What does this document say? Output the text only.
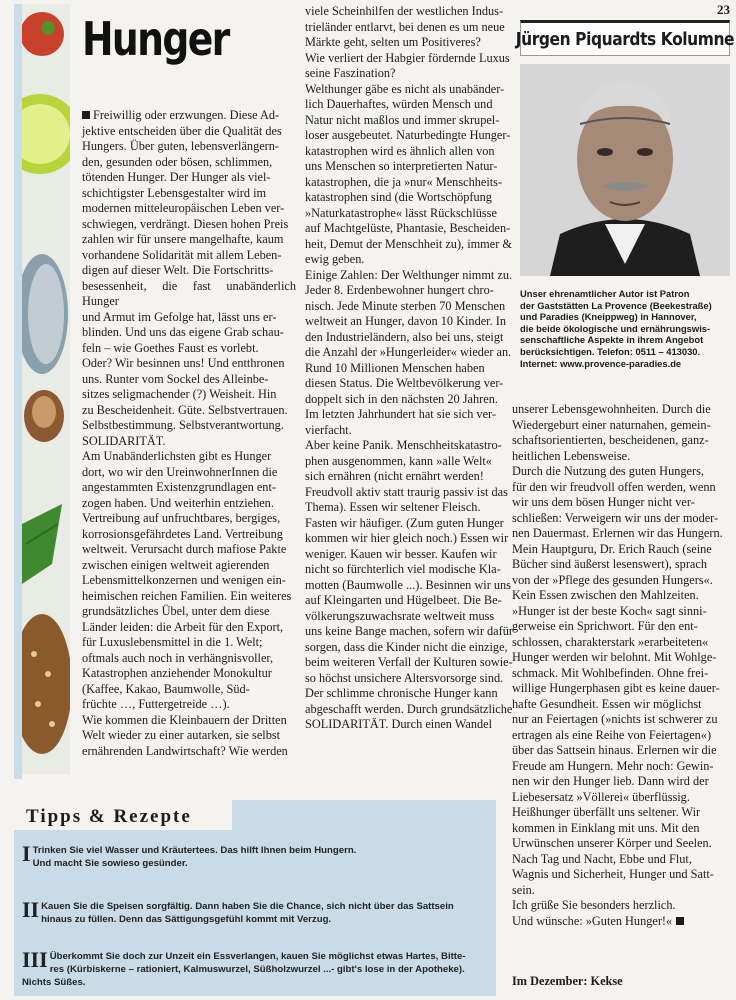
23
Hunger

Freiwillig oder erzwungen. Diese Ad-

jektive entscheiden über die Qualität des

Hungers. Über guten, lebensverlängern-

den, gesunden oder bösen, schlimmen,

tötenden Hunger. Der Hunger als viel-

schichtigster Lebensgestalter wird im

modernen mitteleuropäischen Leben ver-

schwiegen, verdrängt. Diesen hohen Preis

zahlen wir für unsere mangelhafte, kaum

vorhandene Solidarität mit allem Leben-

digen auf dieser Welt. Die Fortschritts-

besessenheit, die fast unabänderlich Hunger

und Armut im Gefolge hat, lässt uns er-

blinden. Und uns das eigene Grab schau-

feln – wie Goethes Faust es vorlebt.

Oder? Wir besinnen uns! Und entthronen

uns. Runter vom Sockel des Alleinbe-

sitzes seligmachender (?) Weisheit. Hin

zu Bescheidenheit. Güte. Selbstvertrauen.

Selbstbestimmung. Selbstverantwortung.

SOLIDARITÄT.

Am Unabänderlichsten gibt es Hunger

dort, wo wir den UreinwohnerInnen die

angestammten Existenzgrundlagen ent-

zogen haben. Und weiterhin entziehen.

Vertreibung auf unfruchtbares, bergiges,

korrosionsgefährdetes Land. Vertreibung

weltweit. Verursacht durch mafiose Pakte

zwischen einigen weltweit agierenden

Lebensmittelkonzernen und wenigen ein-

heimischen reichen Familien. Ein weiteres

grundsätzliches Übel, unter dem diese

Länder leiden: die Arbeit für den Export,

für Luxuslebensmittel in die 1. Welt;

oftmals auch noch in verhängnisvoller,

Katastrophen anziehender Monokultur

(Kaffee, Kakao, Baumwolle, Süd-

früchte …, Futtergetreide …).

Wie kommen die Kleinbauern der Dritten

Welt wieder zu einer autarken, sie selbst

ernährenden Landwirtschaft? Wie werden

viele Scheinhilfen der westlichen Indus-

trieländer entlarvt, bei denen es um neue

Märkte geht, selten um Positiveres?

Wie verliert der Habgier fördernde Luxus

seine Faszination?

Welthunger gäbe es nicht als unabänder-

lich Dauerhaftes, würden Mensch und

Natur nicht maßlos und immer skrupel-

loser ausgebeutet. Naturbedingte Hunger-

katastrophen wird es ähnlich allen von

uns Menschen so interpretierten Natur-

katastrophen, die ja »nur« Menschheits-

katastrophen sind (die Wortschöpfung

»Naturkatastrophe« lässt Rückschlüsse

auf Machtgelüste, Phantasie, Bescheiden-

heit, Demut der Menschheit zu), immer &

ewig geben.

Einige Zahlen: Der Welthunger nimmt zu.

Jeder 8. Erdenbewohner hungert chro-

nisch. Jede Minute sterben 70 Menschen

weltweit an Hunger, davon 10 Kinder. In

den Industrieländern, also bei uns, steigt

die Anzahl der »Hungerleider« wieder an.

Rund 10 Millionen Menschen haben

diesen Status. Die Weltbevölkerung ver-

doppelt sich in den nächsten 20 Jahren.

Im letzten Jahrhundert hat sie sich ver-

vierfacht.

Aber keine Panik. Menschheitskatastro-

phen ausgenommen, kann »alle Welt«

sich ernähren (nicht ernährt werden!

Freudvoll aktiv statt traurig passiv ist das

Thema). Essen wir seltener Fleisch.

Fasten wir häufiger. (Zum guten Hunger

kommen wir hier gleich noch.) Essen wir

weniger. Kauen wir besser. Kaufen wir

nicht so fürchterlich viel modische Kla-

motten (Baumwolle ...). Besinnen wir uns

auf Kleingarten und Hügelbeet. Die Be-

völkerungszuwachsrate weltweit muss

uns keine Bange machen, sofern wir dafür

sorgen, dass die Kinder nicht die einzige,

beim weiteren Verfall der Kulturen sowie-

so höchst unsichere Altersvorsorge sind.

Der schlimme chronische Hunger kann

abgeschafft werden. Durch grundsätzliche

SOLIDARITÄT. Durch einen Wandel

Jürgen Piquardts Kolumne
Unser ehrenamtlicher Autor ist Patron
der Gaststätten La Provence (Beekestraße)
und Paradies (Kneippweg) in Hannover,
die beide ökologische und ernährungswis-
senschaftliche Aspekte in ihrem Angebot
berücksichtigen. Telefon: 0511 – 413030.
Internet: www.provence-paradies.de

unserer Lebensgewohnheiten. Durch die

Wiedergeburt einer naturnahen, gemein-

schaftsorientierten, bescheidenen, ganz-

heitlichen Lebensweise.

Durch die Nutzung des guten Hungers,

für den wir freudvoll offen werden, wenn

wir uns dem bösen Hunger nicht ver-

schließen: Verweigern wir uns der moder-

nen Dauermast. Erlernen wir das Hungern.

Mein Hauptguru, Dr. Erich Rauch (seine

Bücher sind äußerst lesenswert), sprach

von der »Pflege des gesunden Hungers«.

Kein Essen zwischen den Mahlzeiten.

»Hunger ist der beste Koch« sagt sinni-

gerweise ein Sprichwort. Für den ent-

schlossen, charakterstark »erarbeiteten«

Hunger werden wir belohnt. Mit Wohlge-

schmack. Mit Wohlbefinden. Ohne frei-

willige Hungerphasen gibt es keine dauer-

hafte Gesundheit. Essen wir möglichst

nur an Feiertagen (»nichts ist schwerer zu

ertragen als eine Reihe von Feiertagen«)

über das Sattsein hinaus. Erlernen wir die

Freude am Hungern. Mehr noch: Gewin-

nen wir den Hunger lieb. Dann wird der

Liebesersatz »Völlerei« überflüssig.

Heißhunger überfällt uns seltener. Wir

kommen in Einklang mit uns. Mit den

Urwünschen unserer Körper und Seelen.

Nach Tag und Nacht, Ebbe und Flut,

Wagnis und Sicherheit, Hunger und Satt-

sein.

Ich grüße Sie besonders herzlich.

Und wünsche: »Guten Hunger!«

Tipps & Rezepte
I Trinken Sie viel Wasser und Kräutertees. Das hilft Ihnen beim Hungern.
Und macht Sie sowieso gesünder.
II Kauen Sie die Speisen sorgfältig. Dann haben Sie die Chance, sich nicht über das Sattsein
hinaus zu füllen. Denn das Sättigungsgefühl kommt mit Verzug.
III Überkommt Sie doch zur Unzeit ein Essverlangen, kauen Sie möglichst etwas Hartes, Bitte-
res (Kürbiskerne – rationiert, Kalmuswurzel, Süßholzwurzel ...- gibt's lose in der Apotheke).
Nichts Süßes.	Im Dezember: Kekse
